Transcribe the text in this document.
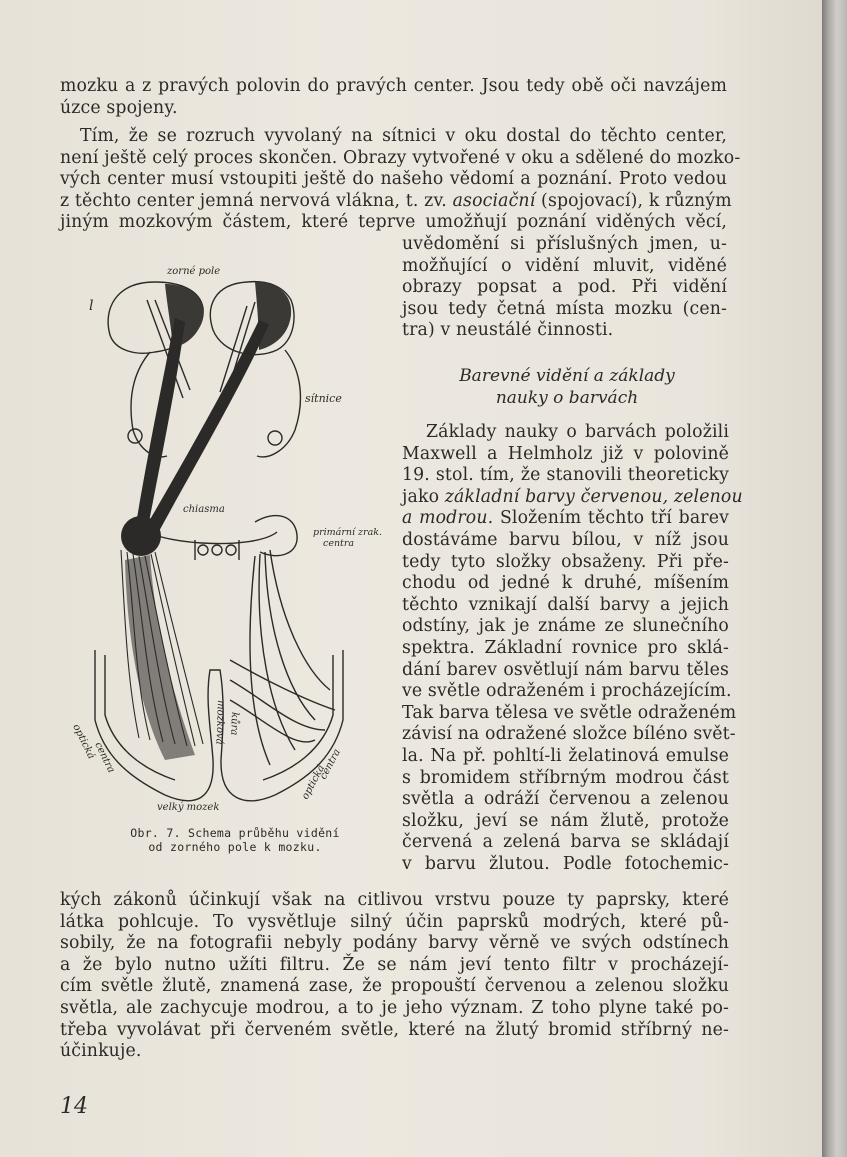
mozku a z pravých polovin do pravých center. Jsou tedy obě oči navzájem
úzce spojeny.
Tím, že se rozruch vyvolaný na sítnici v oku dostal do těchto center,
není ještě celý proces skončen. Obrazy vytvořené v oku a sdělené do mozko-
vých center musí vstoupiti ještě do našeho vědomí a poznání. Proto vedou
z těchto center jemná nervová vlákna, t. zv. asociační (spojovací), k různým
jiným mozkovým částem, které teprve umožňují poznání viděných věcí,
uvědomění si příslušných jmen, u-
možňující o vidění mluvit, viděné
obrazy popsat a pod. Při vidění
jsou tedy četná místa mozku (cen-
tra) v neustálé činnosti.
Barevné vidění a základy
nauky o barvách
Základy nauky o barvách položili
Maxwell a Helmholz již v polovině
19. stol. tím, že stanovili theoreticky
jako základní barvy červenou, zelenou
a modrou. Složením těchto tří barev
dostáváme barvu bílou, v níž jsou
tedy tyto složky obsaženy. Při pře-
chodu od jedné k druhé, míšením
těchto vznikají další barvy a jejich
odstíny, jak je známe ze slunečního
spektra. Základní rovnice pro sklá-
dání barev osvětlují nám barvu těles
ve světle odraženém i procházejícím.
Tak barva tělesa ve světle odraženém
závisí na odražené složce bíléno svět-
la. Na př. pohltí-li želatinová emulse
s bromidem stříbrným modrou část
světla a odráží červenou a zelenou
složku, jeví se nám žlutě, protože
červená a zelená barva se skládají
v barvu žlutou. Podle fotochemic-
kých zákonů účinkují však na citlivou vrstvu pouze ty paprsky, které
látka pohlcuje. To vysvětluje silný účin paprsků modrých, které pů-
sobily, že na fotografii nebyly podány barvy věrně ve svých odstínech
a že bylo nutno užíti filtru. Že se nám jeví tento filtr v procházejí-
cím světle žlutě, znamená zase, že propouští červenou a zelenou složku
světla, ale zachycuje modrou, a to je jeho význam. Z toho plyne také po-
třeba vyvolávat při červeném světle, které na žlutý bromid stříbrný ne-
účinkuje.
zorné pole
l
sítnice
chiasma
primární zrak.
centra
optická
centra
mozková kůra
optická
centra
velký mozek
Obr. 7. Schema průběhu vidění
od zorného pole k mozku.
14
